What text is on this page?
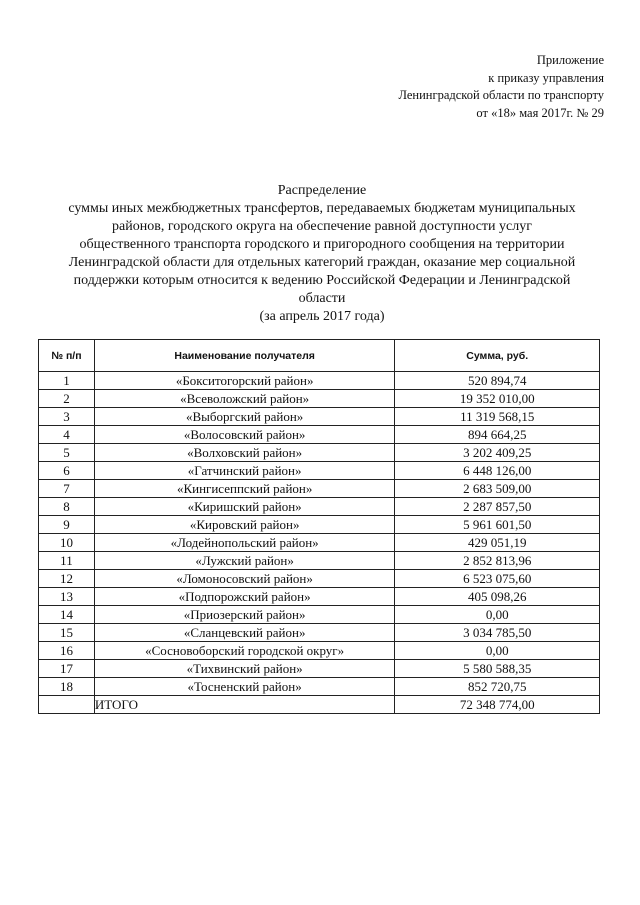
Приложение
к приказу управления
Ленинградской области по транспорту
от «18» мая 2017г. № 29
Распределение
суммы иных межбюджетных трансфертов, передаваемых бюджетам муниципальных
районов, городского округа на обеспечение равной доступности услуг
общественного транспорта городского и пригородного сообщения на территории
Ленинградской области для отдельных категорий граждан, оказание мер социальной
поддержки которым относится к ведению Российской Федерации и Ленинградской
области
(за апрель 2017 года)
№ п/п	Наименование получателя	Сумма, руб.
1	«Бокситогорский район»	520 894,74
2	«Всеволожский район»	19 352 010,00
3	«Выборгский район»	11 319 568,15
4	«Волосовский район»	894 664,25
5	«Волховский район»	3 202 409,25
6	«Гатчинский район»	6 448 126,00
7	«Кингисеппский район»	2 683 509,00
8	«Киришский район»	2 287 857,50
9	«Кировский район»	5 961 601,50
10	«Лодейнопольский район»	429 051,19
11	«Лужский район»	2 852 813,96
12	«Ломоносовский район»	6 523 075,60
13	«Подпорожский район»	405 098,26
14	«Приозерский район»	0,00
15	«Сланцевский район»	3 034 785,50
16	«Сосновоборский городской округ»	0,00
17	«Тихвинский район»	5 580 588,35
18	«Тосненский район»	852 720,75
	ИТОГО	72 348 774,00
